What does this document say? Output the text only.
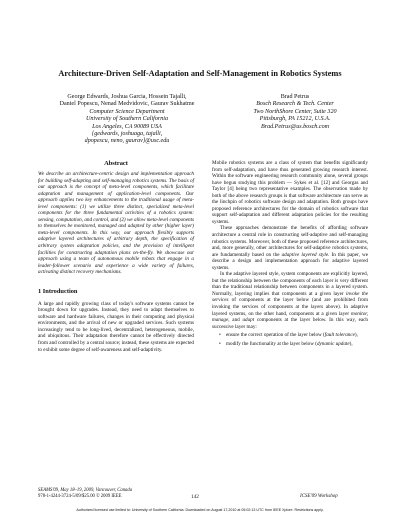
Architecture-Driven Self-Adaptation and Self-Management in Robotics Systems
George Edwards, Joshua Garcia, Hossein Tajalli,
Daniel Popescu, Nenad Medvidovic, Gaurav Sukhatme
Computer Science Department
University of Southern California
Los Angeles, CA 90089 USA
{gedwards, joshuaga, tajalli,
dpopescu, neno, gaurav}@usc.edu
Brad Petrus
Bosch Research & Tech. Center
Two NorthShore Center, Suite 320
Pittsburgh, PA 15212, U.S.A.
Brad.Petrus@us.bosch.com

Abstract

We describe an architecture-centric design and implementation approach for building self-adapting and self-managing robotics systems. The basis of our approach is the concept of meta-level components, which facilitate adaptation and management of application-level components. Our approach applies two key enhancements to the traditional usage of meta-level components: (1) we utilize three distinct, specialized meta-level components for the three fundamental activities of a robotics system: sensing, computation, and control, and (2) we allow meta-level components to themselves be monitored, managed and adapted by other (higher layer) meta-level components. In this way, our approach flexibly supports adaptive layered architectures of arbitrary depth, the specification of arbitrary system adaptation policies, and the provision of intelligent facilities for constructing adaptation plans on-the-fly. We showcase our approach using a team of autonomous mobile robots that engage in a leader-follower scenario and experience a wide variety of failures, activating distinct recovery mechanisms.

1 Introduction

A large and rapidly growing class of today's software systems cannot be brought down for upgrades. Instead, they need to adapt themselves to software and hardware failures, changes in their computing and physical environments, and the arrival of new or upgraded services. Such systems increasingly tend to be long-lived, decentralized, heterogeneous, mobile, and ubiquitous. Their adaptation therefore cannot be effectively directed from and controlled by a central source; instead, these systems are expected to exhibit some degree of self-awareness and self-adaptivity.

Mobile robotics systems are a class of system that benefits significantly from self-adaptation, and have thus generated growing research interest. Within the software engineering research community alone, several groups have begun studying this problem — Sykes et al. [12] and Georgas and Taylor [4] being two representative examples. The observation made by both of the above research groups is that software architecture can serve as the linchpin of robotics software design and adaptation. Both groups have proposed reference architectures for the domain of robotics software that support self-adaptation and different adaptation policies for the resulting systems.

These approaches demonstrate the benefits of affording software architecture a central role in constructing self-adaptive and self-managing robotics systems. Moreover, both of these proposed reference architectures, and, more generally, other architectures for self-adaptive robotics systems, are fundamentally based on the adaptive layered style. In this paper, we describe a design and implementation approach for adaptive layered systems.

In the adaptive layered style, system components are explicitly layered, but the relationship between the components of each layer is very different than the traditional relationship between components in a layered system. Normally, layering implies that components at a given layer invoke the services of components at the layer below (and are prohibited from invoking the services of components at the layers above). In adaptive layered systems, on the other hand, components at a given layer monitor, manage, and adapt components at the layer below. In this way, each successive layer may:

• ensure the correct operation of the layer below (fault tolerance),
• modify the functionality at the layer below (dynamic update),
SEAMS'09, May 18–19, 2009, Vancouver, Canada
978-1-4244-3724-5/09/$25.00 © 2009 IEEE	142	ICSE'09 Workshop
Authorized licensed use limited to: University of Southern California. Downloaded on August 17,2010 at 05:02:13 UTC from IEEE Xplore. Restrictions apply.
